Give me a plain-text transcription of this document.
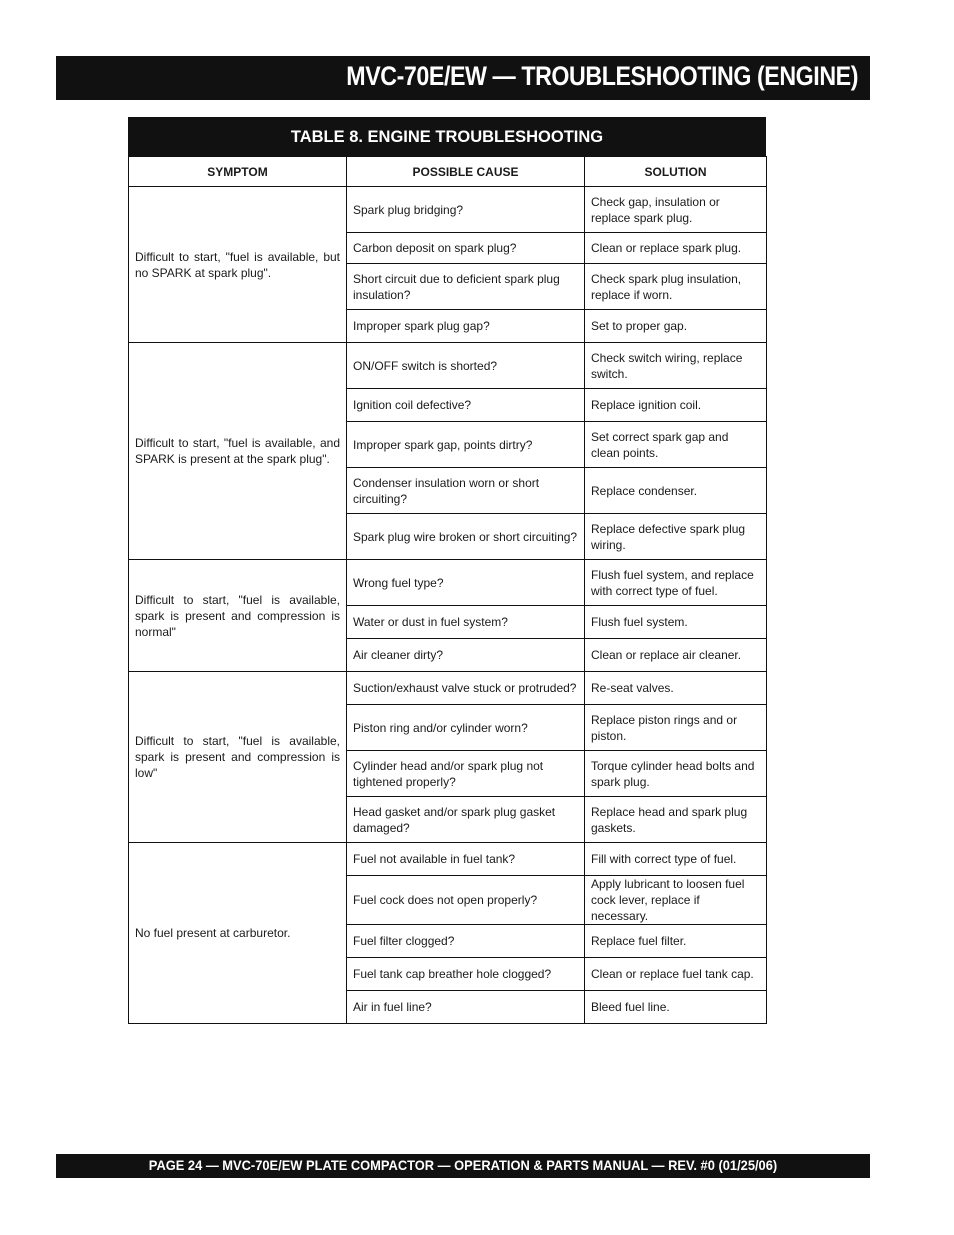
MVC-70E/EW — TROUBLESHOOTING (ENGINE)
TABLE 8. ENGINE TROUBLESHOOTING
SYMPTOM	POSSIBLE CAUSE	SOLUTION
Difficult to start, "fuel is available, but no SPARK at spark plug".	Spark plug bridging?	Check gap, insulation or replace spark plug.
	Carbon deposit on spark plug?	Clean or replace spark plug.
	Short circuit due to deficient spark plug insulation?	Check spark plug insulation, replace if worn.
	Improper spark plug gap?	Set to proper gap.
Difficult to start, "fuel is available, and SPARK is present at the spark plug".	ON/OFF switch is shorted?	Check switch wiring, replace switch.
	Ignition coil defective?	Replace ignition coil.
	Improper spark gap, points dirtry?	Set correct spark gap and clean points.
	Condenser insulation worn or short circuiting?	Replace condenser.
	Spark plug wire broken or short circuiting?	Replace defective spark plug wiring.
Difficult to start, "fuel is available, spark is present and compression is normal"	Wrong fuel type?	Flush fuel system, and replace with correct type of fuel.
	Water or dust in fuel system?	Flush fuel system.
	Air cleaner dirty?	Clean or replace air cleaner.
Difficult to start, "fuel is available, spark is present and compression is low"	Suction/exhaust valve stuck or protruded?	Re-seat valves.
	Piston ring and/or cylinder worn?	Replace piston rings and or piston.
	Cylinder head and/or spark plug not tightened properly?	Torque cylinder head bolts and spark plug.
	Head gasket and/or spark plug gasket damaged?	Replace head and spark plug gaskets.
No fuel present at carburetor.	Fuel not available in fuel tank?	Fill with correct type of fuel.
	Fuel cock does not open properly?	Apply lubricant to loosen fuel cock lever, replace if necessary.
	Fuel filter clogged?	Replace fuel filter.
	Fuel tank cap breather hole clogged?	Clean or replace fuel tank cap.
	Air in fuel line?	Bleed fuel line.
PAGE 24 — MVC-70E/EW PLATE COMPACTOR — OPERATION & PARTS MANUAL — REV. #0 (01/25/06)
